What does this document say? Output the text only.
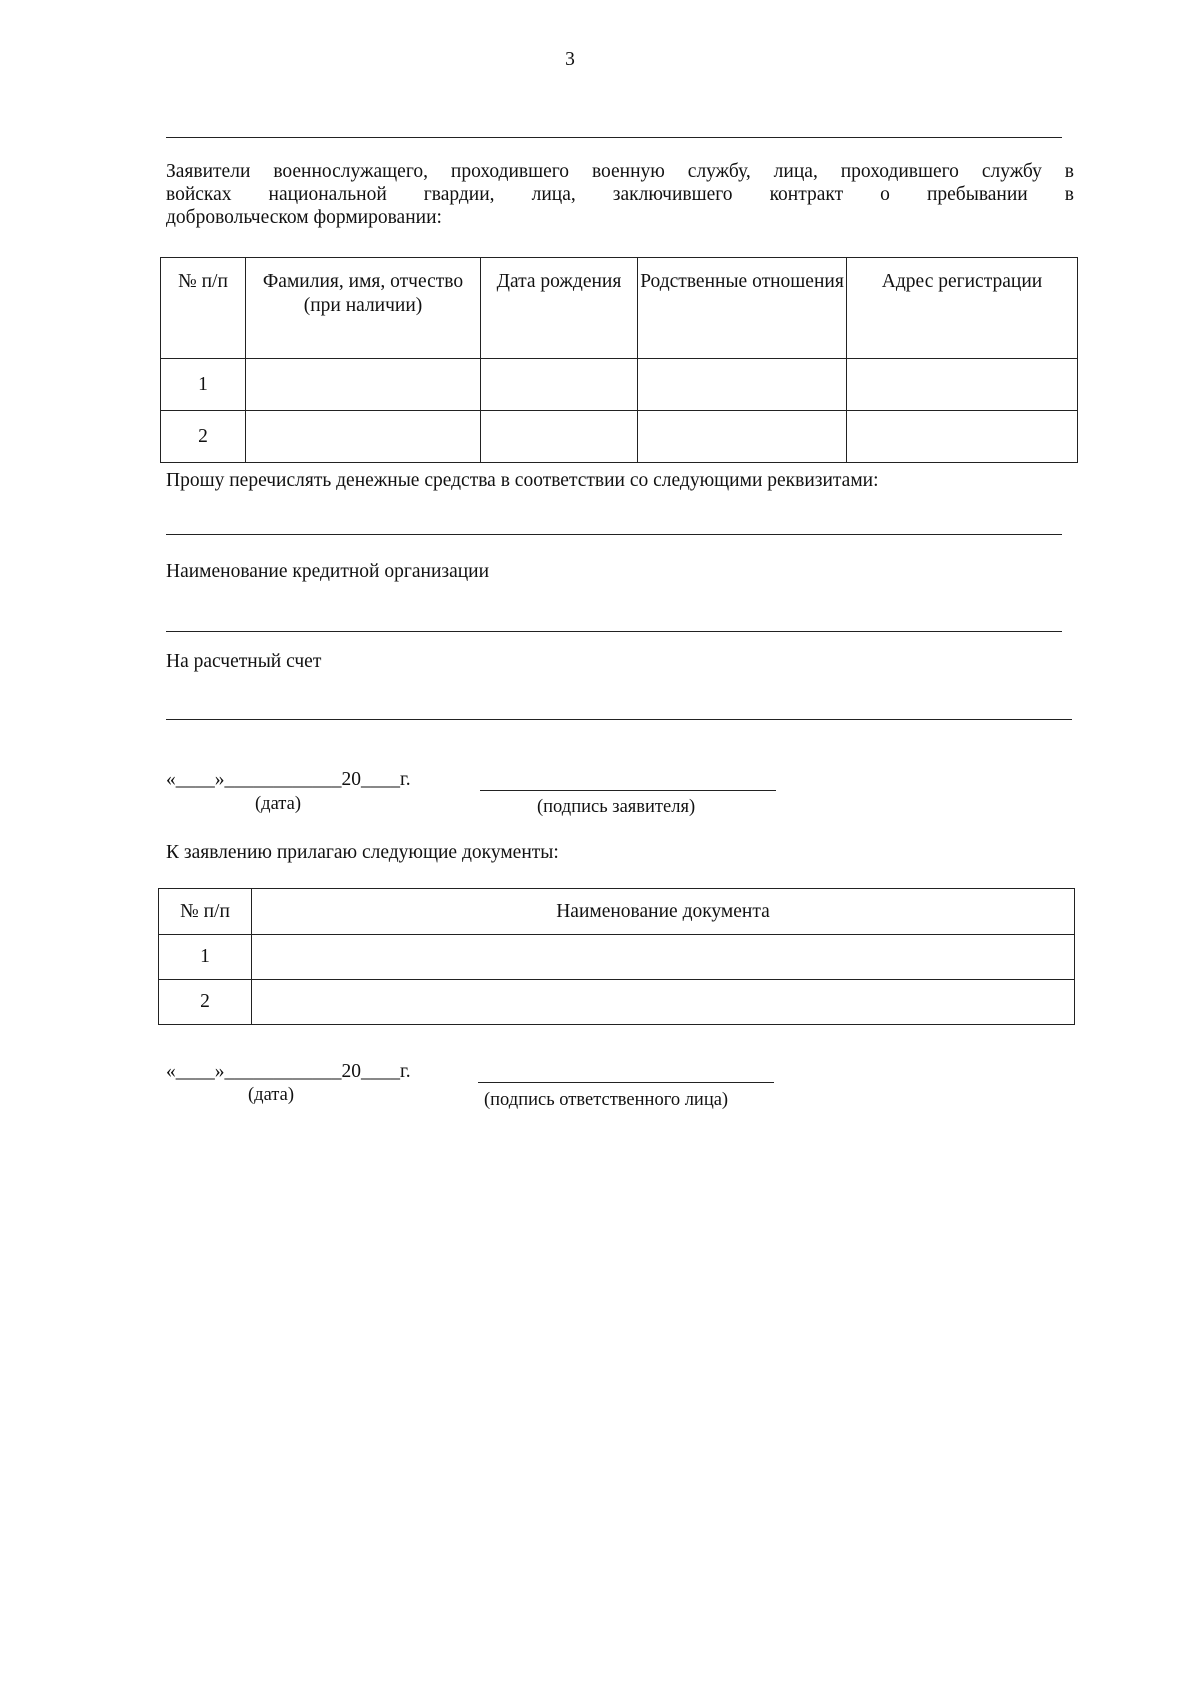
3
Заявители военнослужащего, проходившего военную службу, лица, проходившего службу в
войсках национальной гвардии, лица, заключившего контракт о пребывании в
добровольческом формировании:
№ п/п	Фамилия, имя, отчество (при наличии)	Дата рождения	Родственные отношения	Адрес регистрации
1				
2				
Прошу перечислять денежные средства в соответствии со следующими реквизитами:
Наименование кредитной организации
На расчетный счет
«____»____________20____г.
(дата)	(подпись заявителя)
К заявлению прилагаю следующие документы:
№ п/п	Наименование документа
1	
2	
«____»____________20____г.
(дата)	(подпись ответственного лица)
